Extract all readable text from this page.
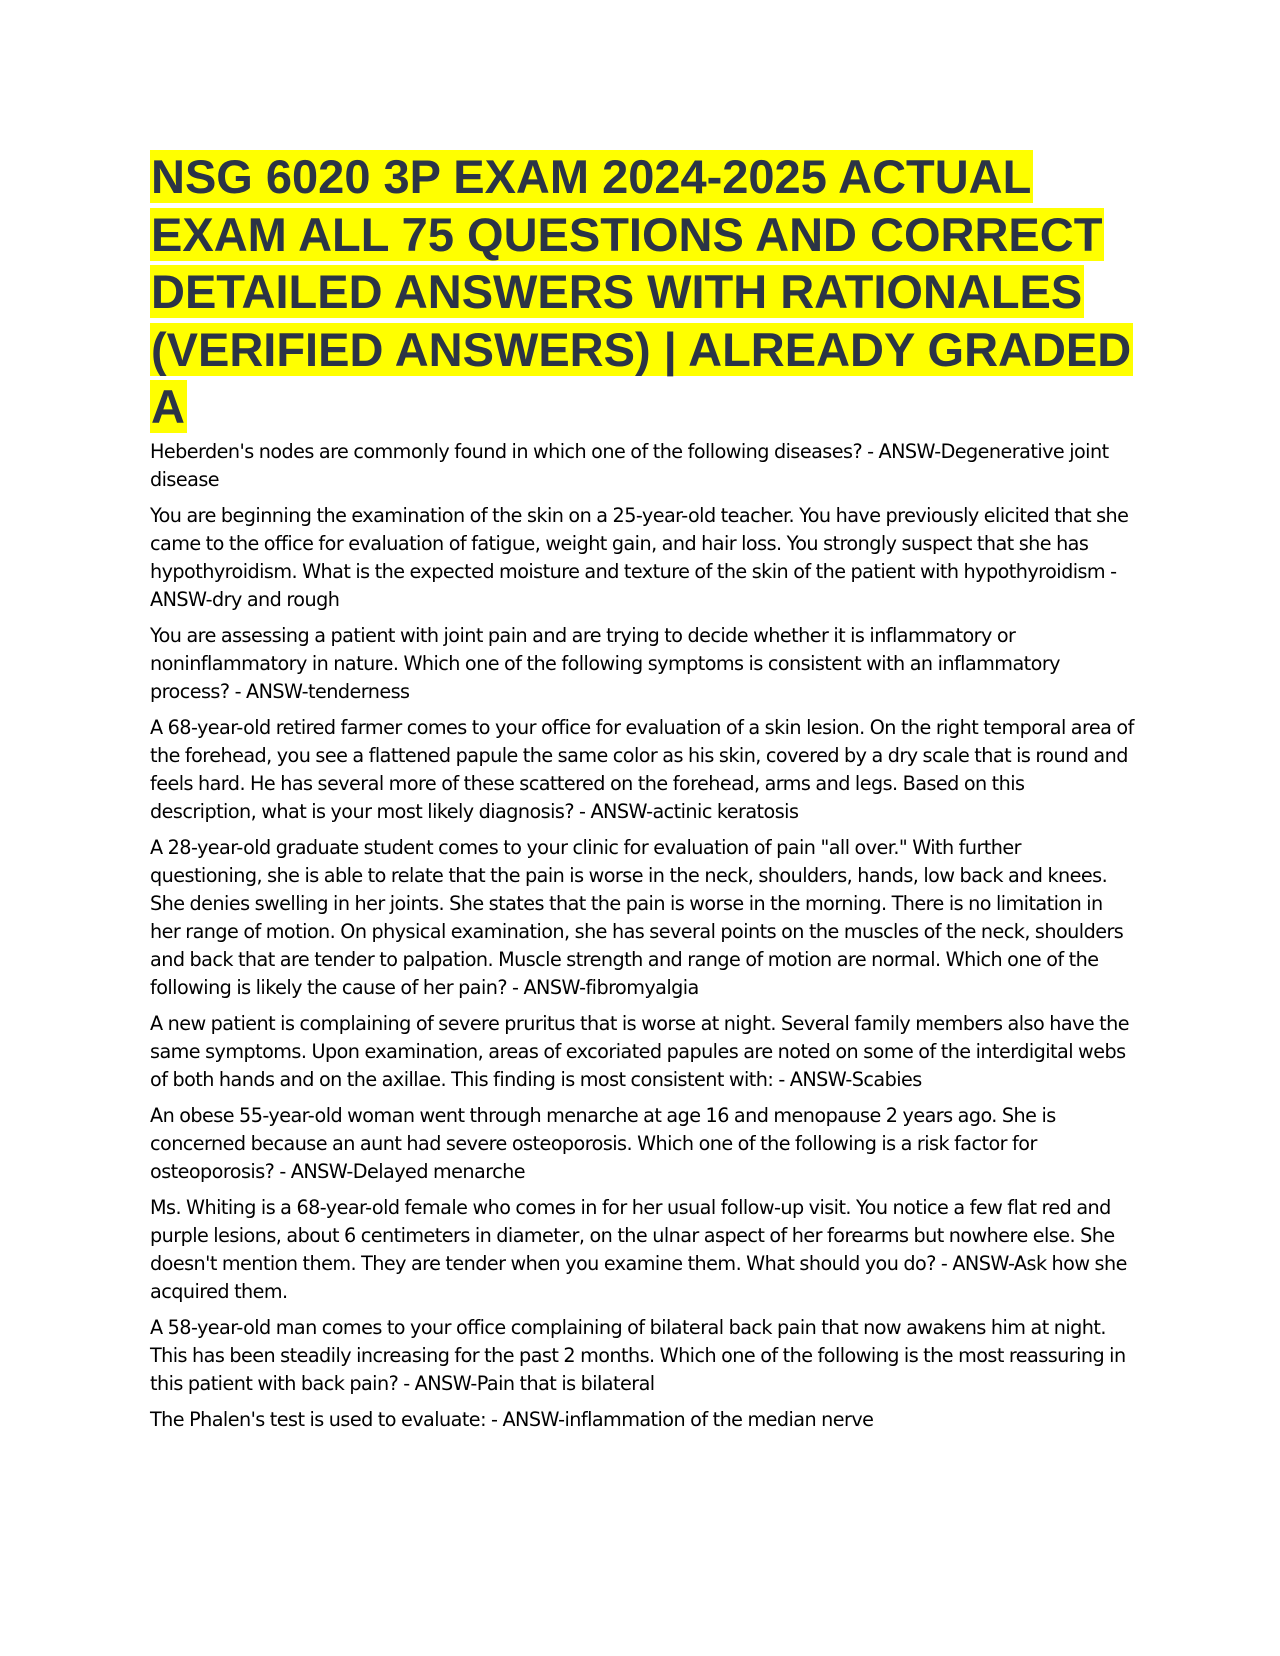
NSG 6020 3P EXAM 2024-2025 ACTUAL EXAM ALL 75 QUESTIONS AND CORRECT DETAILED ANSWERS WITH RATIONALES (VERIFIED ANSWERS) | ALREADY GRADED A

Heberden's nodes are commonly found in which one of the following diseases? - ANSW-Degenerative joint disease

You are beginning the examination of the skin on a 25-year-old teacher. You have previously elicited that she came to the office for evaluation of fatigue, weight gain, and hair loss. You strongly suspect that she has hypothyroidism. What is the expected moisture and texture of the skin of the patient with hypothyroidism - ANSW-dry and rough

You are assessing a patient with joint pain and are trying to decide whether it is inflammatory or noninflammatory in nature. Which one of the following symptoms is consistent with an inflammatory process? - ANSW-tenderness

A 68-year-old retired farmer comes to your office for evaluation of a skin lesion. On the right temporal area of the forehead, you see a flattened papule the same color as his skin, covered by a dry scale that is round and feels hard. He has several more of these scattered on the forehead, arms and legs. Based on this description, what is your most likely diagnosis? - ANSW-actinic keratosis

A 28-year-old graduate student comes to your clinic for evaluation of pain "all over." With further questioning, she is able to relate that the pain is worse in the neck, shoulders, hands, low back and knees. She denies swelling in her joints. She states that the pain is worse in the morning. There is no limitation in her range of motion. On physical examination, she has several points on the muscles of the neck, shoulders and back that are tender to palpation. Muscle strength and range of motion are normal. Which one of the following is likely the cause of her pain? - ANSW-fibromyalgia

A new patient is complaining of severe pruritus that is worse at night. Several family members also have the same symptoms. Upon examination, areas of excoriated papules are noted on some of the interdigital webs of both hands and on the axillae. This finding is most consistent with: - ANSW-Scabies

An obese 55-year-old woman went through menarche at age 16 and menopause 2 years ago. She is concerned because an aunt had severe osteoporosis. Which one of the following is a risk factor for osteoporosis? - ANSW-Delayed menarche

Ms. Whiting is a 68-year-old female who comes in for her usual follow-up visit. You notice a few flat red and purple lesions, about 6 centimeters in diameter, on the ulnar aspect of her forearms but nowhere else. She doesn't mention them. They are tender when you examine them. What should you do? - ANSW-Ask how she acquired them.

A 58-year-old man comes to your office complaining of bilateral back pain that now awakens him at night. This has been steadily increasing for the past 2 months. Which one of the following is the most reassuring in this patient with back pain? - ANSW-Pain that is bilateral

The Phalen's test is used to evaluate: - ANSW-inflammation of the median nerve
